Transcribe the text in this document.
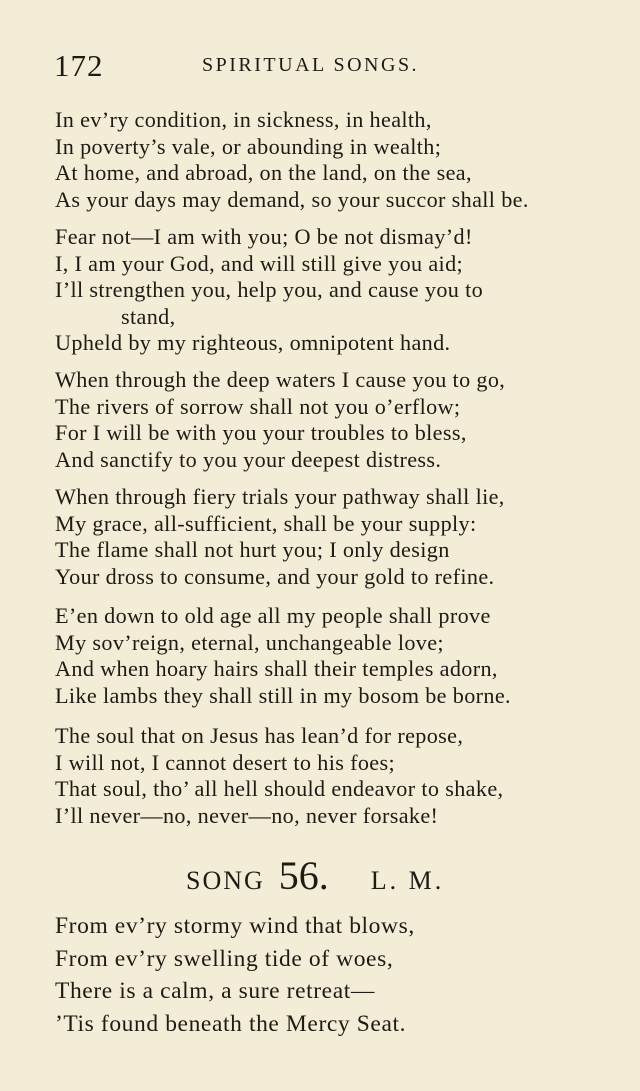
172	SPIRITUAL SONGS.
In ev’ry condition, in sickness, in health,
In poverty’s vale, or abounding in wealth;
At home, and abroad, on the land, on the sea,
As your days may demand, so your succor shall be.
Fear not—I am with you; O be not dismay’d!
I, I am your God, and will still give you aid;
I’ll strengthen you, help you, and cause you to
stand,
Upheld by my righteous, omnipotent hand.
When through the deep waters I cause you to go,
The rivers of sorrow shall not you o’erflow;
For I will be with you your troubles to bless,
And sanctify to you your deepest distress.
When through fiery trials your pathway shall lie,
My grace, all-sufficient, shall be your supply:
The flame shall not hurt you; I only design
Your dross to consume, and your gold to refine.
E’en down to old age all my people shall prove
My sov’reign, eternal, unchangeable love;
And when hoary hairs shall their temples adorn,
Like lambs they shall still in my bosom be borne.
The soul that on Jesus has lean’d for repose,
I will not, I cannot desert to his foes;
That soul, tho’ all hell should endeavor to shake,
I’ll never—no, never—no, never forsake!
SONG 56. L. M.
From ev’ry stormy wind that blows,
From ev’ry swelling tide of woes,
There is a calm, a sure retreat—
’Tis found beneath the Mercy Seat.
